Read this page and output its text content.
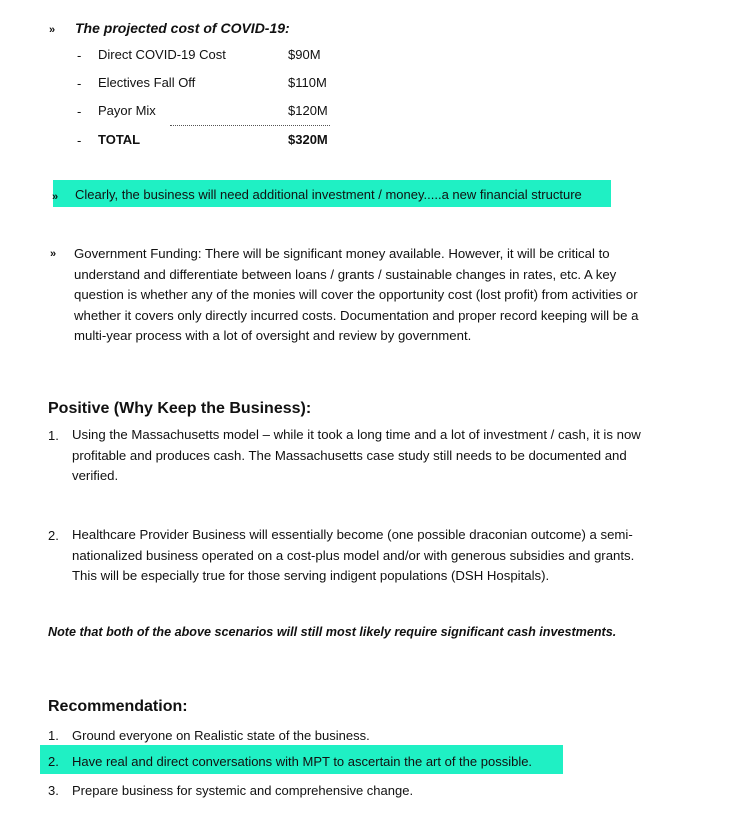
» The projected cost of COVID-19:
- Direct COVID-19 Cost	$90M
- Electives Fall Off	$110M
- Payor Mix	$120M
- TOTAL	$320M
» Clearly, the business will need additional investment / money.....a new financial structure
» Government Funding: There will be significant money available. However, it will be critical to
understand and differentiate between loans / grants / sustainable changes in rates, etc. A key
question is whether any of the monies will cover the opportunity cost (lost profit) from activities or
whether it covers only directly incurred costs. Documentation and proper record keeping will be a
multi-year process with a lot of oversight and review by government.
Positive (Why Keep the Business):
1. Using the Massachusetts model – while it took a long time and a lot of investment / cash, it is now
profitable and produces cash. The Massachusetts case study still needs to be documented and
verified.
2. Healthcare Provider Business will essentially become (one possible draconian outcome) a semi-
nationalized business operated on a cost-plus model and/or with generous subsidies and grants.
This will be especially true for those serving indigent populations (DSH Hospitals).
Note that both of the above scenarios will still most likely require significant cash investments.
Recommendation:
1. Ground everyone on Realistic state of the business.
2. Have real and direct conversations with MPT to ascertain the art of the possible.
3. Prepare business for systemic and comprehensive change.
